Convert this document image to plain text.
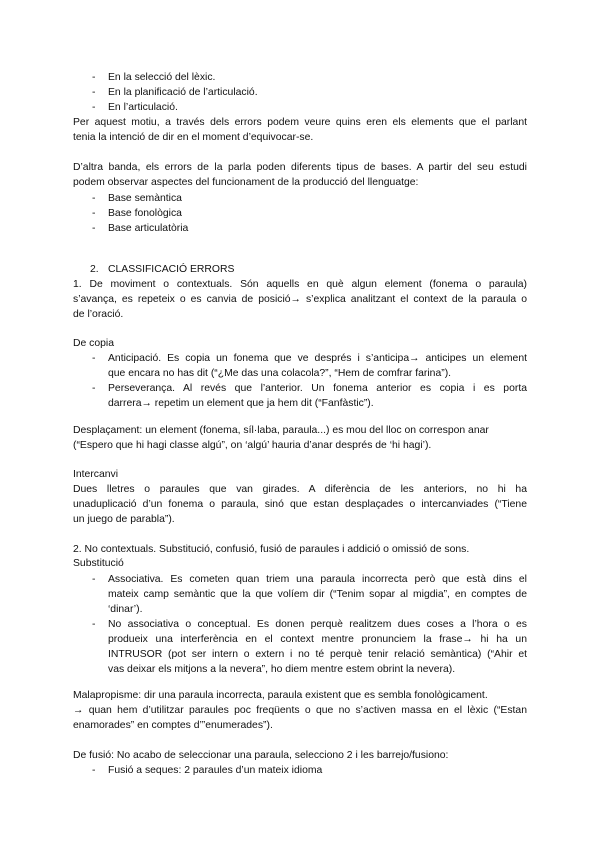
- En la selecció del lèxic.
- En la planificació de l’articulació.
- En l’articulació.
Per aquest motiu, a través dels errors podem veure quins eren els elements que el parlant
tenia la intenció de dir en el moment d’equivocar-se.
D’altra banda, els errors de la parla poden diferents tipus de bases. A partir del seu estudi
podem observar aspectes del funcionament de la producció del llenguatge:
- Base semàntica
- Base fonològica
- Base articulatòria
2. CLASSIFICACIÓ ERRORS
1. De moviment o contextuals. Són aquells en què algun element (fonema o paraula)
s’avança, es repeteix o es canvia de posició→ s’explica analitzant el context de la paraula o
de l’oració.
De copia
- Anticipació. Es copia un fonema que ve després i s’anticipa→ anticipes un element
que encara no has dit (“¿Me das una colacola?”, “Hem de comfrar farina”).
- Perseverança. Al revés que l’anterior. Un fonema anterior es copia i es porta
darrera→ repetim un element que ja hem dit (“Fanfàstic”).
Desplaçament: un element (fonema, síl·laba, paraula...) es mou del lloc on correspon anar
(“Espero que hi hagi classe algú”, on ‘algú’ hauria d’anar després de ‘hi hagi’).
Intercanvi
Dues lletres o paraules que van girades. A diferència de les anteriors, no hi ha
unaduplicació d’un fonema o paraula, sinó que estan desplaçades o intercanviades (“Tiene
un juego de parabla”).
2. No contextuals. Substitució, confusió, fusió de paraules i addició o omissió de sons.
Substitució
- Associativa. Es cometen quan triem una paraula incorrecta però que està dins el
mateix camp semàntic que la que volíem dir (“Tenim sopar al migdia”, en comptes de
‘dinar’).
- No associativa o conceptual. Es donen perquè realitzem dues coses a l’hora o es
produeix una interferència en el context mentre pronunciem la frase→ hi ha un
INTRUSOR (pot ser intern o extern i no té perquè tenir relació semàntica) (“Ahir et
vas deixar els mitjons a la nevera”, ho diem mentre estem obrint la nevera).
Malapropisme: dir una paraula incorrecta, paraula existent que es sembla fonològicament.
→ quan hem d’utilitzar paraules poc freqüents o que no s’activen massa en el lèxic (“Estan
enamorades” en comptes d’”enumerades”).
De fusió: No acabo de seleccionar una paraula, selecciono 2 i les barrejo/fusiono:
- Fusió a seques: 2 paraules d’un mateix idioma
